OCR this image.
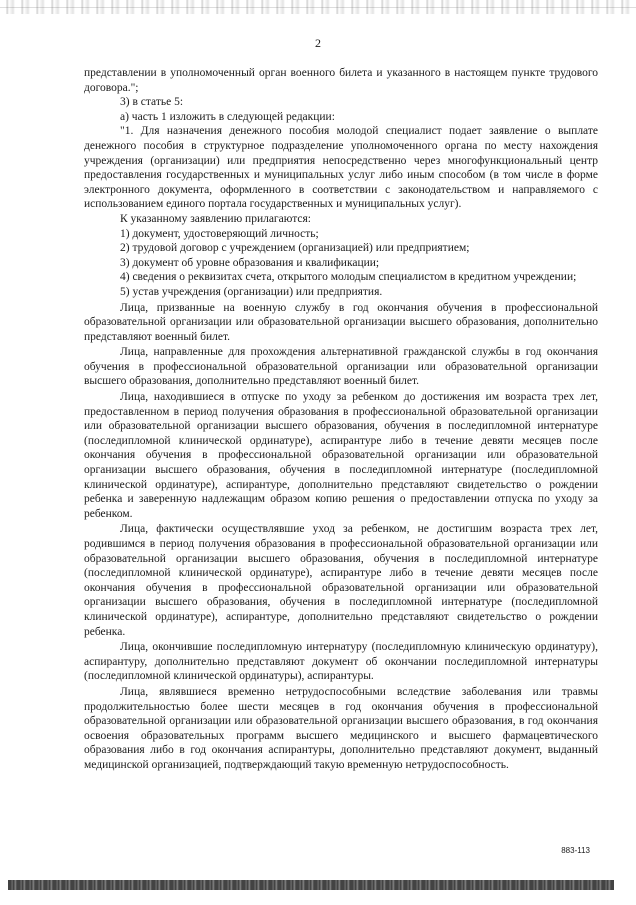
2

представлении в уполномоченный орган военного билета и указанного в настоящем пункте трудового договора.";

3) в статье 5:

а) часть 1 изложить в следующей редакции:

"1. Для назначения денежного пособия молодой специалист подает заявление о выплате денежного пособия в структурное подразделение уполномоченного органа по месту нахождения учреждения (организации) или предприятия непосредственно через многофункциональный центр предоставления государственных и муниципальных услуг либо иным способом (в том числе в форме электронного документа, оформленного в соответствии с законодательством и направляемого с использованием единого портала государственных и муниципальных услуг).

К указанному заявлению прилагаются:

1) документ, удостоверяющий личность;

2) трудовой договор с учреждением (организацией) или предприятием;

3) документ об уровне образования и квалификации;

4) сведения о реквизитах счета, открытого молодым специалистом в кредитном учреждении;

5) устав учреждения (организации) или предприятия.

Лица, призванные на военную службу в год окончания обучения в профессиональной образовательной организации или образовательной организации высшего образования, дополнительно представляют военный билет.

Лица, направленные для прохождения альтернативной гражданской службы в год окончания обучения в профессиональной образовательной организации или образовательной организации высшего образования, дополнительно представляют военный билет.

Лица, находившиеся в отпуске по уходу за ребенком до достижения им возраста трех лет, предоставленном в период получения образования в профессиональной образовательной организации или образовательной организации высшего образования, обучения в последипломной интернатуре (последипломной клинической ординатуре), аспирантуре либо в течение девяти месяцев после окончания обучения в профессиональной образовательной организации или образовательной организации высшего образования, обучения в последипломной интернатуре (последипломной клинической ординатуре), аспирантуре, дополнительно представляют свидетельство о рождении ребенка и заверенную надлежащим образом копию решения о предоставлении отпуска по уходу за ребенком.

Лица, фактически осуществлявшие уход за ребенком, не достигшим возраста трех лет, родившимся в период получения образования в профессиональной образовательной организации или образовательной организации высшего образования, обучения в последипломной интернатуре (последипломной клинической ординатуре), аспирантуре либо в течение девяти месяцев после окончания обучения в профессиональной образовательной организации или образовательной организации высшего образования, обучения в последипломной интернатуре (последипломной клинической ординатуре), аспирантуре, дополнительно представляют свидетельство о рождении ребенка.

Лица, окончившие последипломную интернатуру (последипломную клиническую ординатуру), аспирантуру, дополнительно представляют документ об окончании последипломной интернатуры (последипломной клинической ординатуры), аспирантуры.

Лица, являвшиеся временно нетрудоспособными вследствие заболевания или травмы продолжительностью более шести месяцев в год окончания обучения в профессиональной образовательной организации или образовательной организации высшего образования, в год окончания освоения образовательных программ высшего медицинского и высшего фармацевтического образования либо в год окончания аспирантуры, дополнительно представляют документ, выданный медицинской организацией, подтверждающий такую временную нетрудоспособность.

883-113
